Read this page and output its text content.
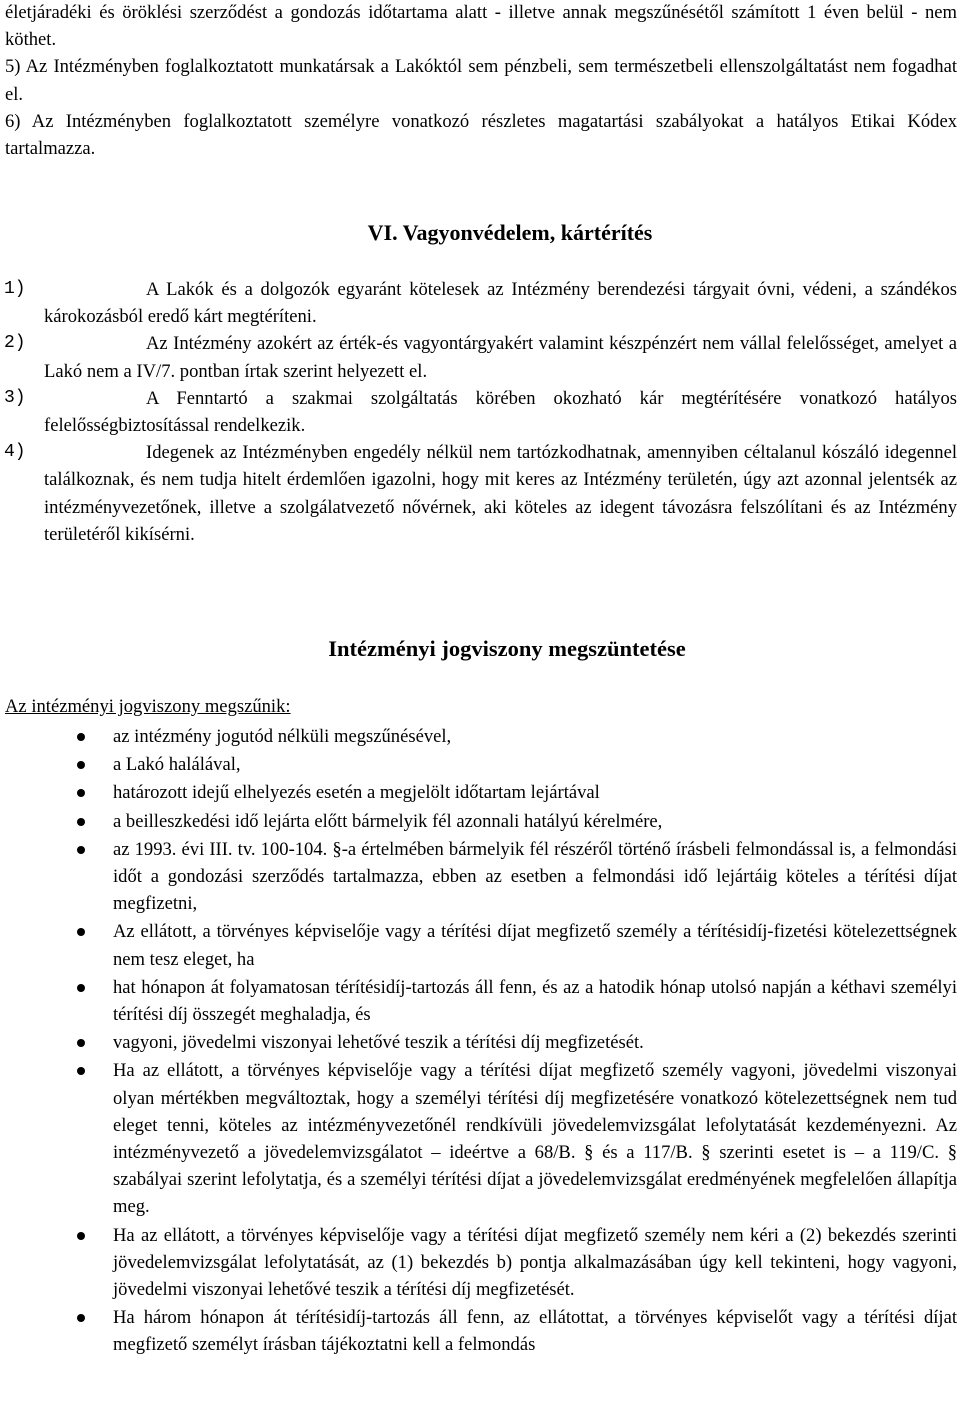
életjáradéki és öröklési szerződést a gondozás időtartama alatt - illetve annak megszűnésétől számított 1 éven belül - nem köthet.

5) Az Intézményben foglalkoztatott munkatársak a Lakóktól sem pénzbeli, sem természetbeli ellenszolgáltatást nem fogadhat el.

6) Az Intézményben foglalkoztatott személyre vonatkozó részletes magatartási szabályokat a hatályos Etikai Kódex tartalmazza.

VI. Vagyonvédelem, kártérítés
1)	A Lakók és a dolgozók egyaránt kötelesek az Intézmény berendezési tárgyait óvni, védeni, a szándékos károkozásból eredő kárt megtéríteni.
2)	Az Intézmény azokért az érték-és vagyontárgyakért valamint készpénzért nem vállal felelősséget, amelyet a Lakó nem a IV/7. pontban írtak szerint helyezett el.
3)	A Fenntartó a szakmai szolgáltatás körében okozható kár megtérítésére vonatkozó hatályos felelősségbiztosítással rendelkezik.
4)	Idegenek az Intézményben engedély nélkül nem tartózkodhatnak, amennyiben céltalanul kószáló idegennel találkoznak, és nem tudja hitelt érdemlően igazolni, hogy mit keres az Intézmény területén, úgy azt azonnal jelentsék az intézményvezetőnek, illetve a szolgálatvezető nővérnek, aki köteles az idegent távozásra felszólítani és az Intézmény területéről kikísérni.
Intézményi jogviszony megszüntetése
Az intézményi jogviszony megszűnik:
az intézmény jogutód nélküli megszűnésével,
a Lakó halálával,
határozott idejű elhelyezés esetén a megjelölt időtartam lejártával
a beilleszkedési idő lejárta előtt bármelyik fél azonnali hatályú kérelmére,
az 1993. évi III. tv. 100-104. §-a értelmében bármelyik fél részéről történő írásbeli felmondással is, a felmondási időt a gondozási szerződés tartalmazza, ebben az esetben a felmondási idő lejártáig köteles a térítési díjat megfizetni,
Az ellátott, a törvényes képviselője vagy a térítési díjat megfizető személy a térítésidíj-fizetési kötelezettségnek nem tesz eleget, ha
hat hónapon át folyamatosan térítésidíj-tartozás áll fenn, és az a hatodik hónap utolsó napján a kéthavi személyi térítési díj összegét meghaladja, és
vagyoni, jövedelmi viszonyai lehetővé teszik a térítési díj megfizetését.
Ha az ellátott, a törvényes képviselője vagy a térítési díjat megfizető személy vagyoni, jövedelmi viszonyai olyan mértékben megváltoztak, hogy a személyi térítési díj megfizetésére vonatkozó kötelezettségnek nem tud eleget tenni, köteles az intézményvezetőnél rendkívüli jövedelemvizsgálat lefolytatását kezdeményezni. Az intézményvezető a jövedelemvizsgálatot – ideértve a 68/B. § és a 117/B. § szerinti esetet is – a 119/C. § szabályai szerint lefolytatja, és a személyi térítési díjat a jövedelemvizsgálat eredményének megfelelően állapítja meg.
Ha az ellátott, a törvényes képviselője vagy a térítési díjat megfizető személy nem kéri a (2) bekezdés szerinti jövedelemvizsgálat lefolytatását, az (1) bekezdés b) pontja alkalmazásában úgy kell tekinteni, hogy vagyoni, jövedelmi viszonyai lehetővé teszik a térítési díj megfizetését.
Ha három hónapon át térítésidíj-tartozás áll fenn, az ellátottat, a törvényes képviselőt vagy a térítési díjat megfizető személyt írásban tájékoztatni kell a felmondás
